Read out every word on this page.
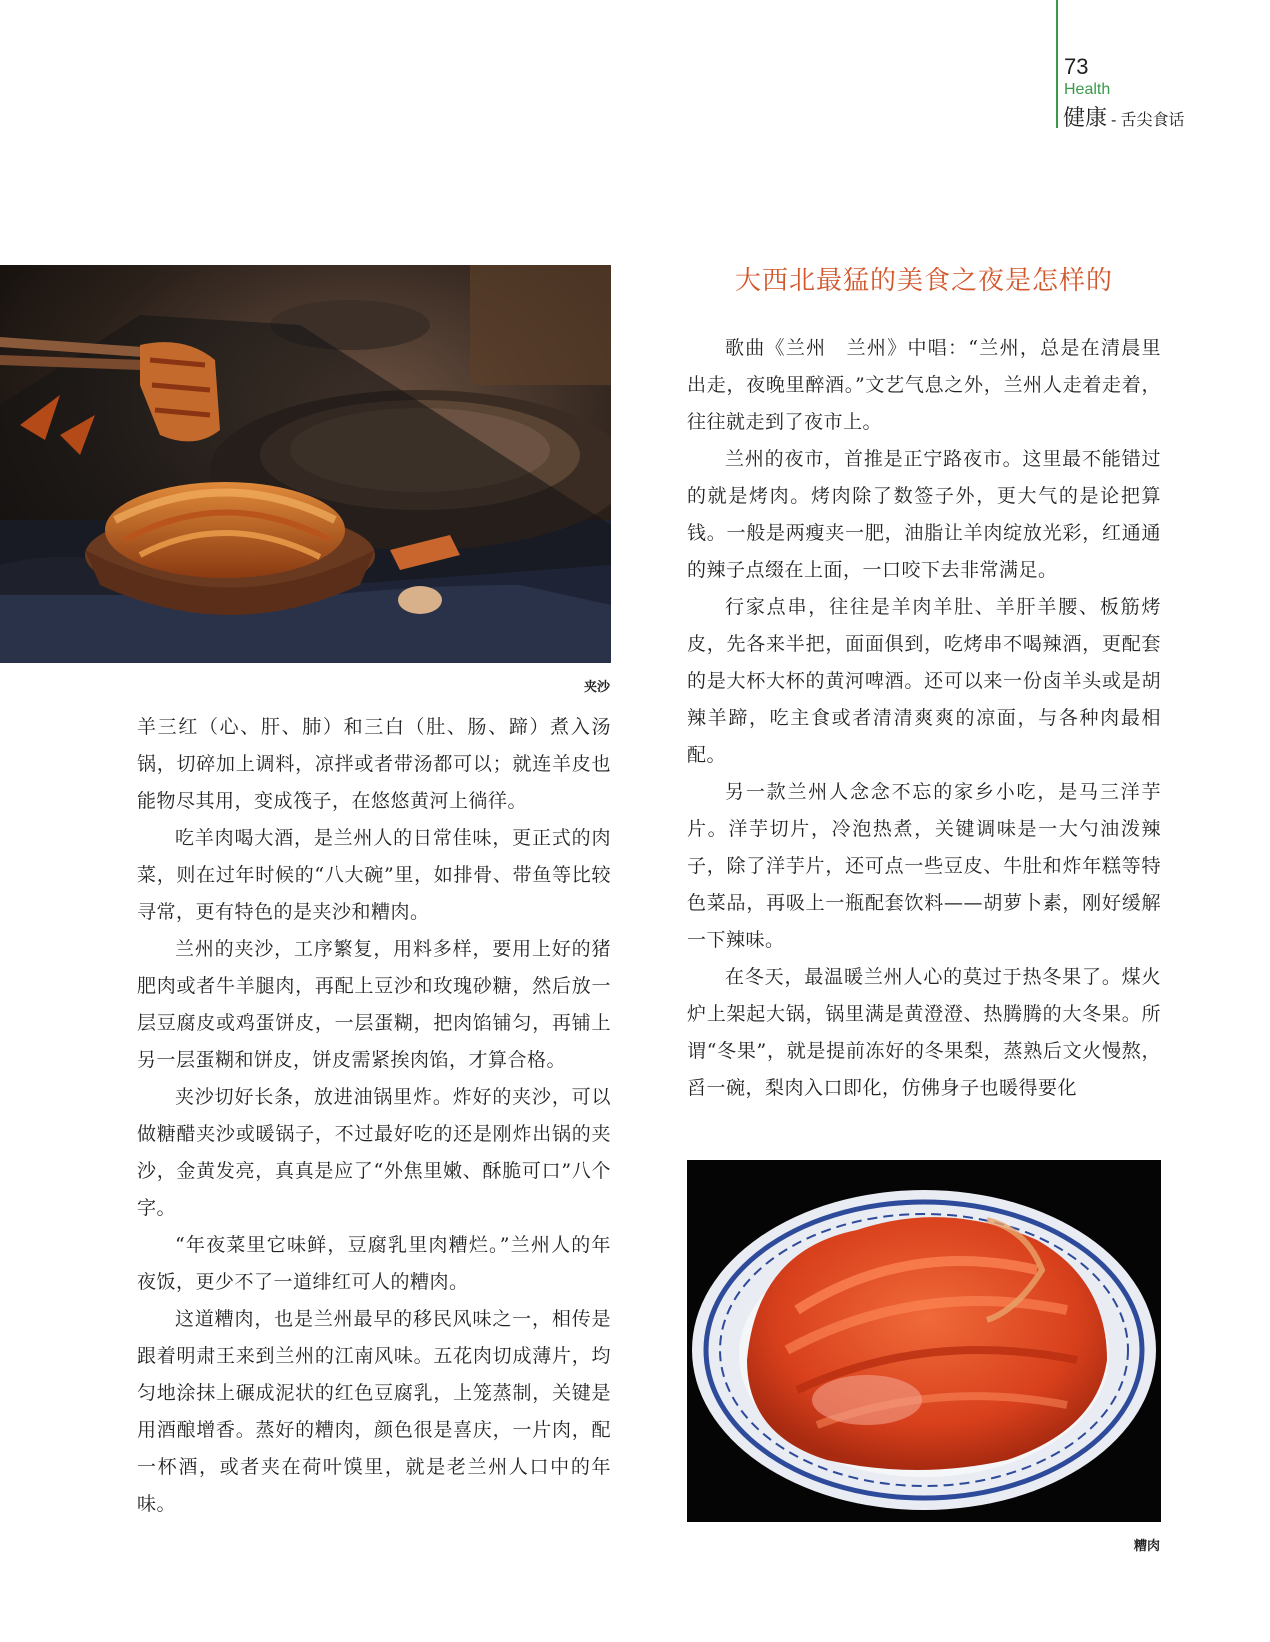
73
Health
健康 - 舌尖食话
夹沙

羊三红（心、肝、肺）和三白（肚、肠、蹄）煮入汤锅，切碎加上调料，凉拌或者带汤都可以；就连羊皮也能物尽其用，变成筏子，在悠悠黄河上徜徉。

吃羊肉喝大酒，是兰州人的日常佳味，更正式的肉菜，则在过年时候的“八大碗”里，如排骨、带鱼等比较寻常，更有特色的是夹沙和糟肉。

兰州的夹沙，工序繁复，用料多样，要用上好的猪肥肉或者牛羊腿肉，再配上豆沙和玫瑰砂糖，然后放一层豆腐皮或鸡蛋饼皮，一层蛋糊，把肉馅铺匀，再铺上另一层蛋糊和饼皮，饼皮需紧挨肉馅，才算合格。

夹沙切好长条，放进油锅里炸。炸好的夹沙，可以做糖醋夹沙或暖锅子，不过最好吃的还是刚炸出锅的夹沙，金黄发亮，真真是应了“外焦里嫩、酥脆可口”八个字。

“年夜菜里它味鲜，豆腐乳里肉糟烂。”兰州人的年夜饭，更少不了一道绯红可人的糟肉。

这道糟肉，也是兰州最早的移民风味之一，相传是跟着明肃王来到兰州的江南风味。五花肉切成薄片，均匀地涂抹上碾成泥状的红色豆腐乳，上笼蒸制，关键是用酒酿增香。蒸好的糟肉，颜色很是喜庆，一片肉，配一杯酒，或者夹在荷叶馍里，就是老兰州人口中的年味。

大西北最猛的美食之夜是怎样的

歌曲《兰州　兰州》中唱：“兰州，总是在清晨里出走，夜晚里醉酒。”文艺气息之外，兰州人走着走着，往往就走到了夜市上。

兰州的夜市，首推是正宁路夜市。这里最不能错过的就是烤肉。烤肉除了数签子外，更大气的是论把算钱。一般是两瘦夹一肥，油脂让羊肉绽放光彩，红通通的辣子点缀在上面，一口咬下去非常满足。

行家点串，往往是羊肉羊肚、羊肝羊腰、板筋烤皮，先各来半把，面面俱到，吃烤串不喝辣酒，更配套的是大杯大杯的黄河啤酒。还可以来一份卤羊头或是胡辣羊蹄，吃主食或者清清爽爽的凉面，与各种肉最相配。

另一款兰州人念念不忘的家乡小吃，是马三洋芋片。洋芋切片，冷泡热煮，关键调味是一大勺油泼辣子，除了洋芋片，还可点一些豆皮、牛肚和炸年糕等特色菜品，再吸上一瓶配套饮料——胡萝卜素，刚好缓解一下辣味。

在冬天，最温暖兰州人心的莫过于热冬果了。煤火炉上架起大锅，锅里满是黄澄澄、热腾腾的大冬果。所谓“冬果”，就是提前冻好的冬果梨，蒸熟后文火慢熬，舀一碗，梨肉入口即化，仿佛身子也暖得要化

糟肉
